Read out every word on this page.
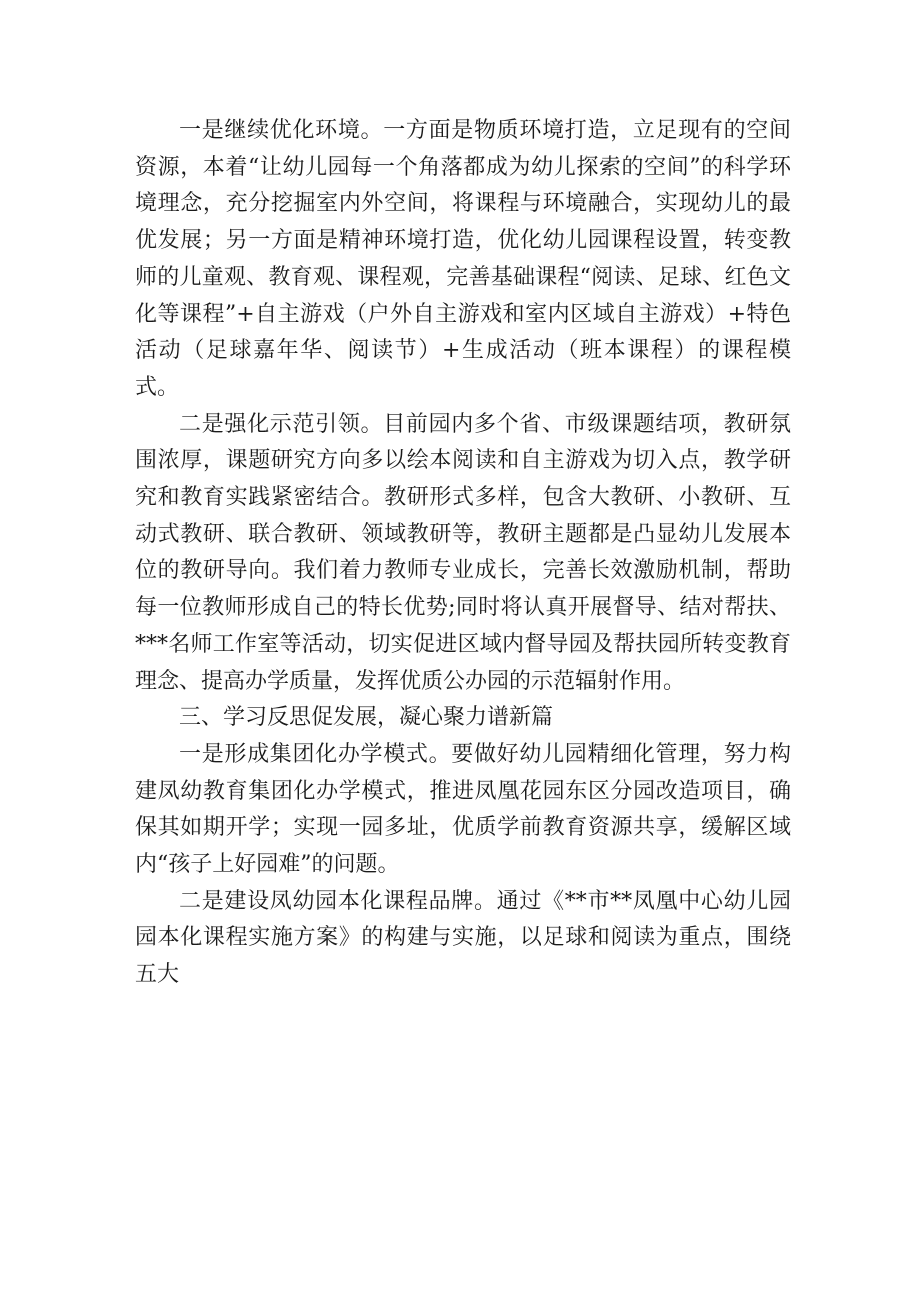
一是继续优化环境。一方面是物质环境打造，立足现有的空间资源，本着“让幼儿园每一个角落都成为幼儿探索的空间”的科学环境理念，充分挖掘室内外空间，将课程与环境融合，实现幼儿的最优发展；另一方面是精神环境打造，优化幼儿园课程设置，转变教师的儿童观、教育观、课程观，完善基础课程“阅读、足球、红色文化等课程”+自主游戏（户外自主游戏和室内区域自主游戏）+特色活动（足球嘉年华、阅读节）+生成活动（班本课程）的课程模式。

二是强化示范引领。目前园内多个省、市级课题结项，教研氛围浓厚，课题研究方向多以绘本阅读和自主游戏为切入点，教学研究和教育实践紧密结合。教研形式多样，包含大教研、小教研、互动式教研、联合教研、领域教研等，教研主题都是凸显幼儿发展本位的教研导向。我们着力教师专业成长，完善长效激励机制，帮助每一位教师形成自己的特长优势;同时将认真开展督导、结对帮扶、***名师工作室等活动，切实促进区域内督导园及帮扶园所转变教育理念、提高办学质量，发挥优质公办园的示范辐射作用。

三、学习反思促发展，凝心聚力谱新篇

一是形成集团化办学模式。要做好幼儿园精细化管理，努力构建凤幼教育集团化办学模式，推进凤凰花园东区分园改造项目，确保其如期开学；实现一园多址，优质学前教育资源共享，缓解区域内“孩子上好园难”的问题。

二是建设凤幼园本化课程品牌。通过《**市**凤凰中心幼儿园园本化课程实施方案》的构建与实施，以足球和阅读为重点，围绕五大
